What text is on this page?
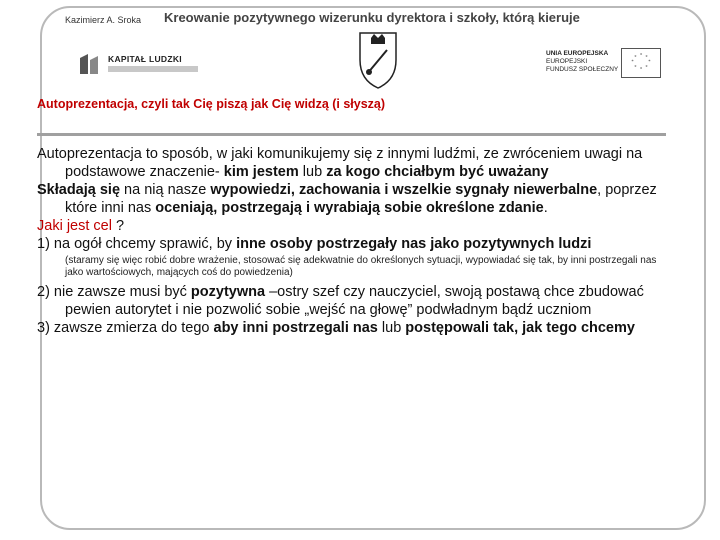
Kazimierz A. Sroka Kreowanie pozytywnego wizerunku dyrektora i szkoły, którą kieruje
KAPITAŁ LUDZKI
UNIA EUROPEJSKA
EUROPEJSKI
FUNDUSZ SPOŁECZNY
* *
*
*
*
*
*
*
Autoprezentacja, czyli tak Cię piszą jak Cię widzą (i słyszą)

Autoprezentacja to sposób, w jaki komunikujemy się z innymi ludźmi, ze zwróceniem uwagi na podstawowe znaczenie- kim jestem lub za kogo chciałbym być uważany

Składają się na nią nasze wypowiedzi, zachowania i wszelkie sygnały niewerbalne, poprzez które inni nas oceniają, postrzegają i wyrabiają sobie określone zdanie.

Jaki jest cel ?

1) na ogół chcemy sprawić, by inne osoby postrzegały nas jako pozytywnych ludzi

(staramy się więc robić dobre wrażenie, stosować się adekwatnie do określonych sytuacji, wypowiadać się tak, by inni postrzegali nas jako wartościowych, mających coś do powiedzenia)

2) nie zawsze musi być pozytywna –ostry szef czy nauczyciel, swoją postawą chce zbudować pewien autorytet i nie pozwolić sobie „wejść na głowę” podwładnym bądź uczniom

3) zawsze zmierza do tego aby inni postrzegali nas lub postępowali tak, jak tego chcemy
